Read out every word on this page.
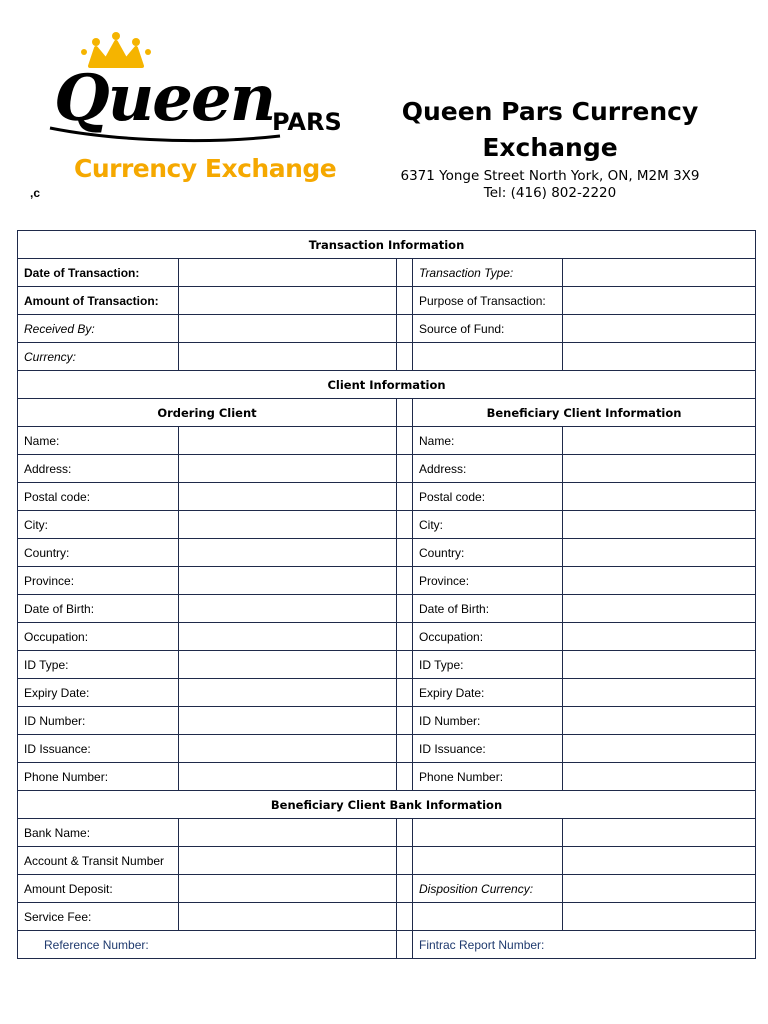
Queen
PARS
Currency Exchange
,c
Queen Pars Currency Exchange
6371 Yonge Street North York, ON, M2M 3X9
Tel: (416) 802-2220
Transaction Information				
Date of Transaction:			Transaction Type:	
Amount of Transaction:			Purpose of Transaction:	
Received By:			Source of Fund:	
Currency:				
Client Information				
Ordering Client			Beneficiary Client Information	
Name:			Name:	
Address:			Address:	
Postal code:			Postal code:	
City:			City:	
Country:			Country:	
Province:			Province:	
Date of Birth:			Date of Birth:	
Occupation:			Occupation:	
ID Type:			ID Type:	
Expiry Date:			Expiry Date:	
ID Number:			ID Number:	
ID Issuance:			ID Issuance:	
Phone Number:			Phone Number:	
Beneficiary Client Bank Information				
Bank Name:				
Account & Transit Number				
Amount Deposit:			Disposition Currency:	
Service Fee:				
Reference Number:			Fintrac Report Number:	
